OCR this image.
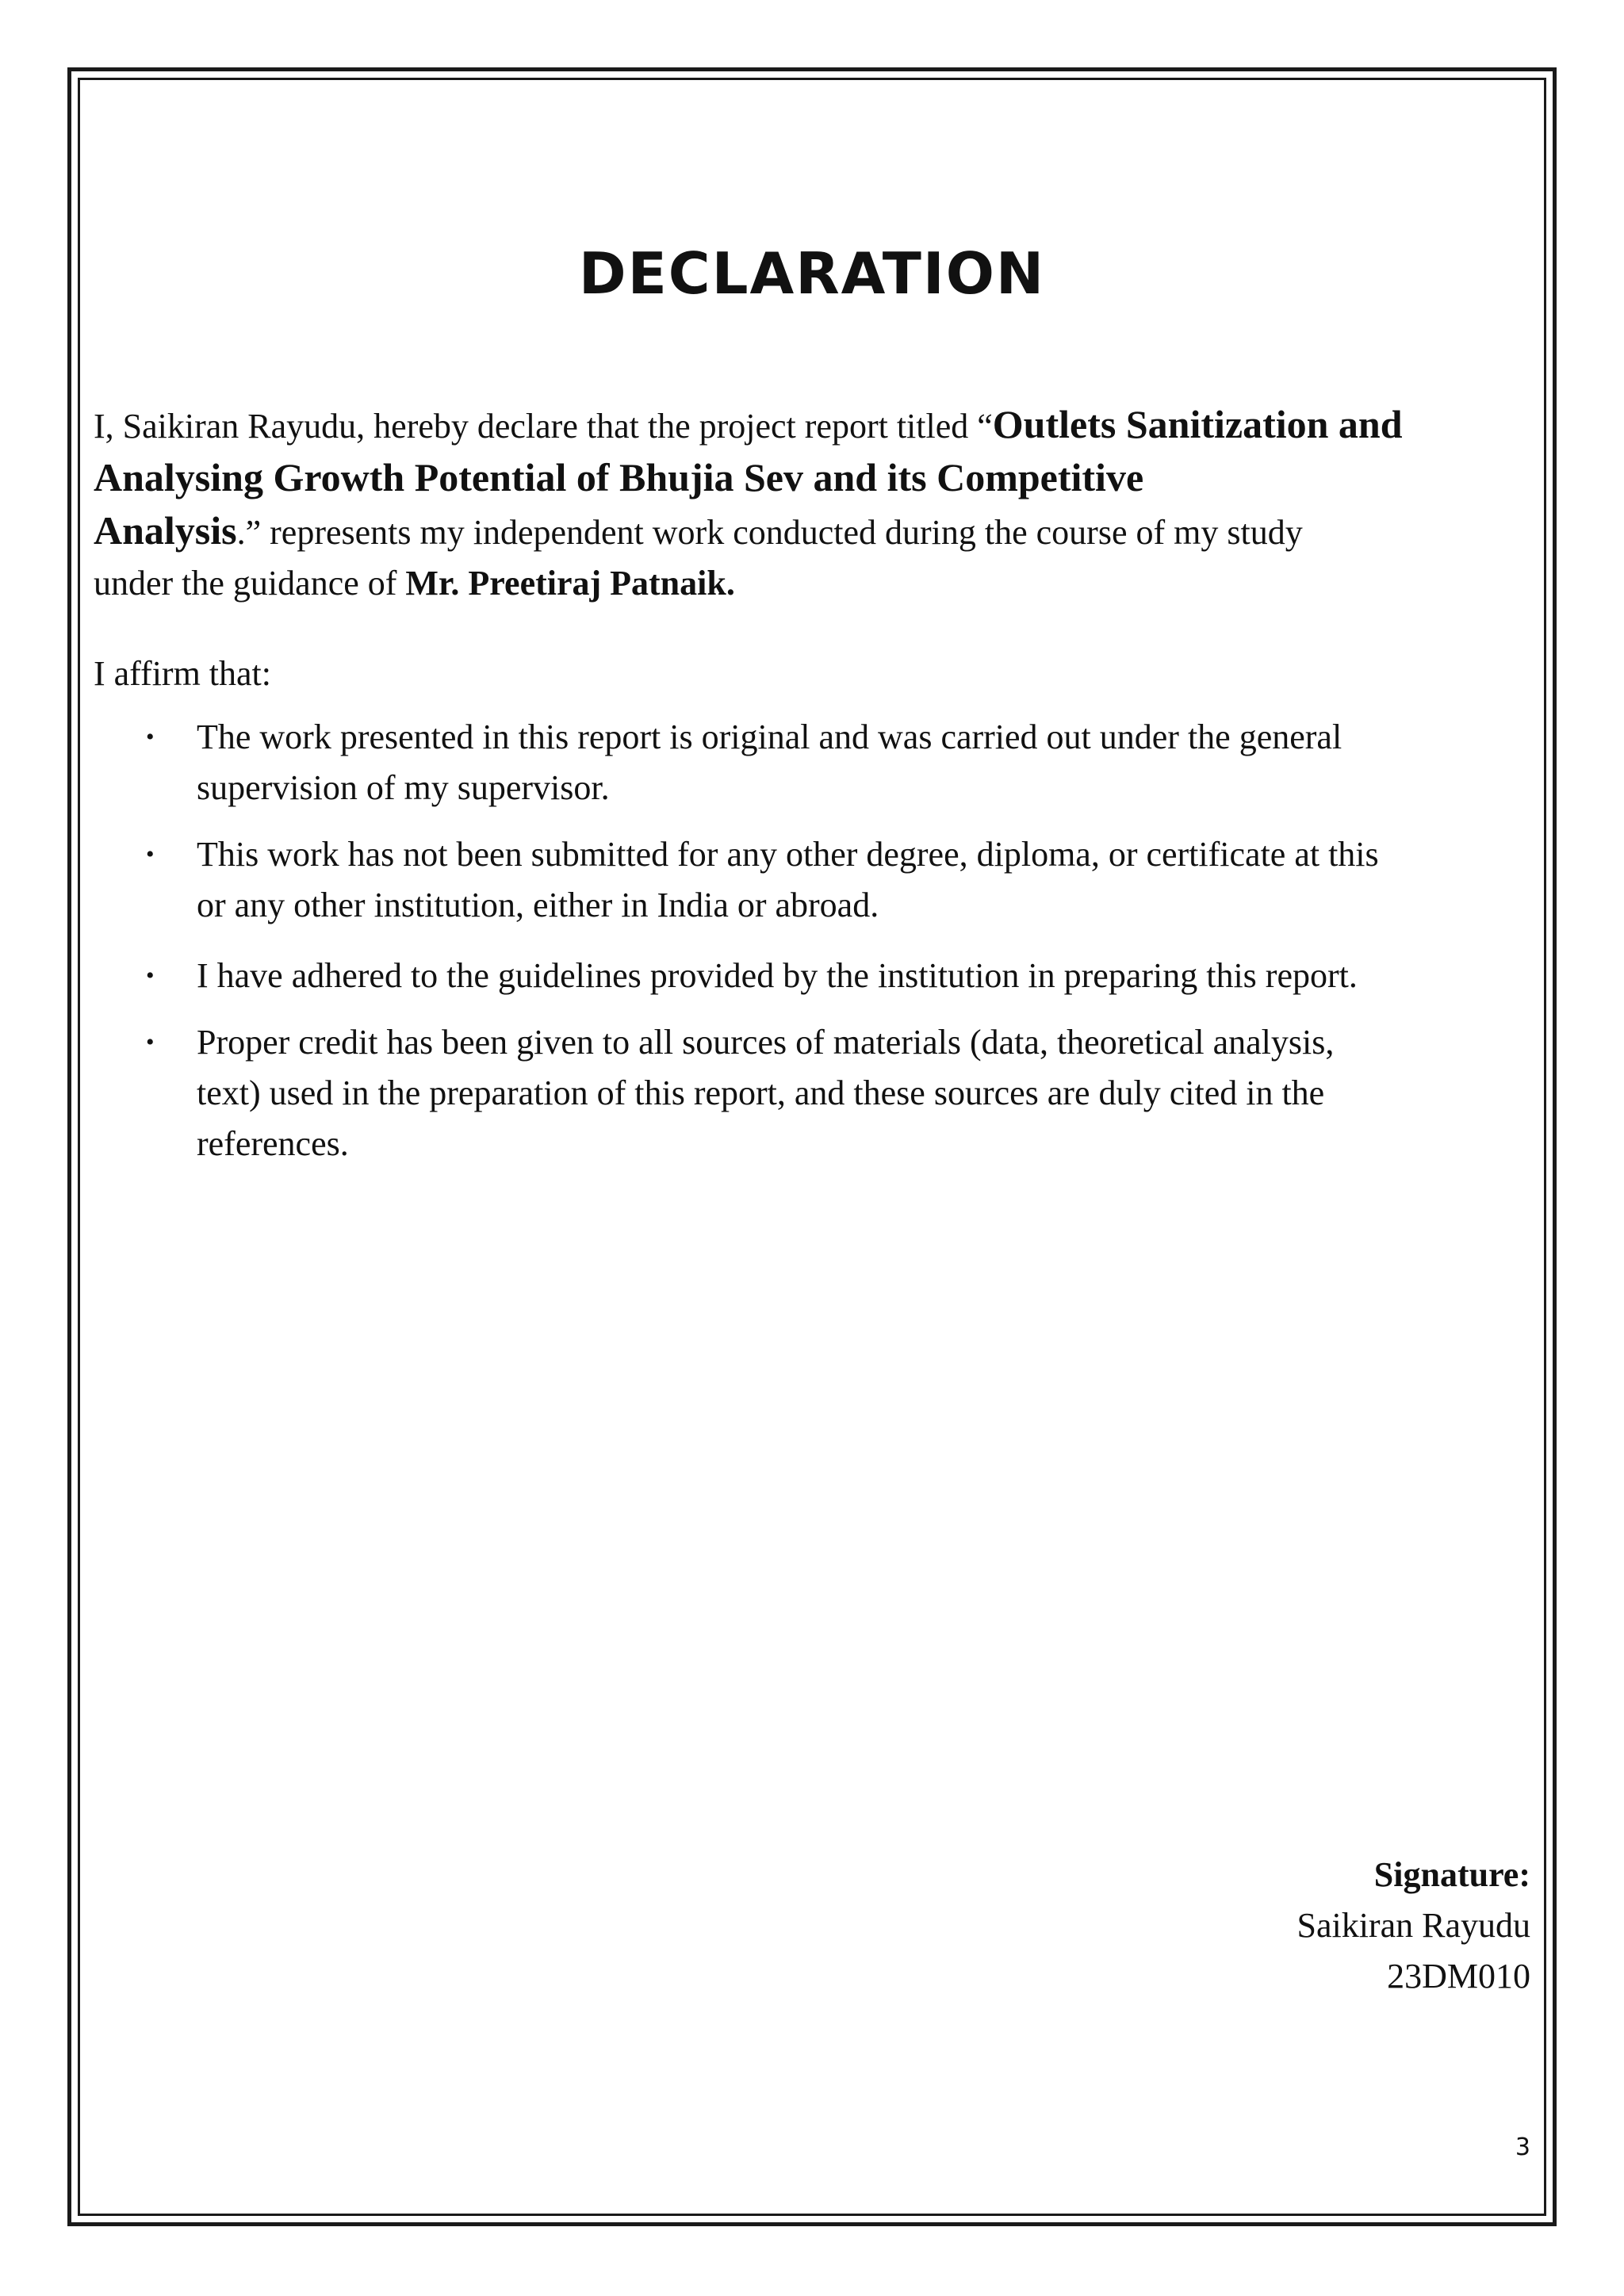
DECLARATION

I, Saikiran Rayudu, hereby declare that the project report titled “Outlets Sanitization and
Analysing Growth Potential of Bhujia Sev and its Competitive
Analysis.” represents my independent work conducted during the course of my study
under the guidance of Mr. Preetiraj Patnaik.

I affirm that:

• The work presented in this report is original and was carried out under the general
supervision of my supervisor.
• This work has not been submitted for any other degree, diploma, or certificate at this
or any other institution, either in India or abroad.
• I have adhered to the guidelines provided by the institution in preparing this report.
• Proper credit has been given to all sources of materials (data, theoretical analysis,
text) used in the preparation of this report, and these sources are duly cited in the
references.
Signature:
Saikiran Rayudu
23DM010
3
